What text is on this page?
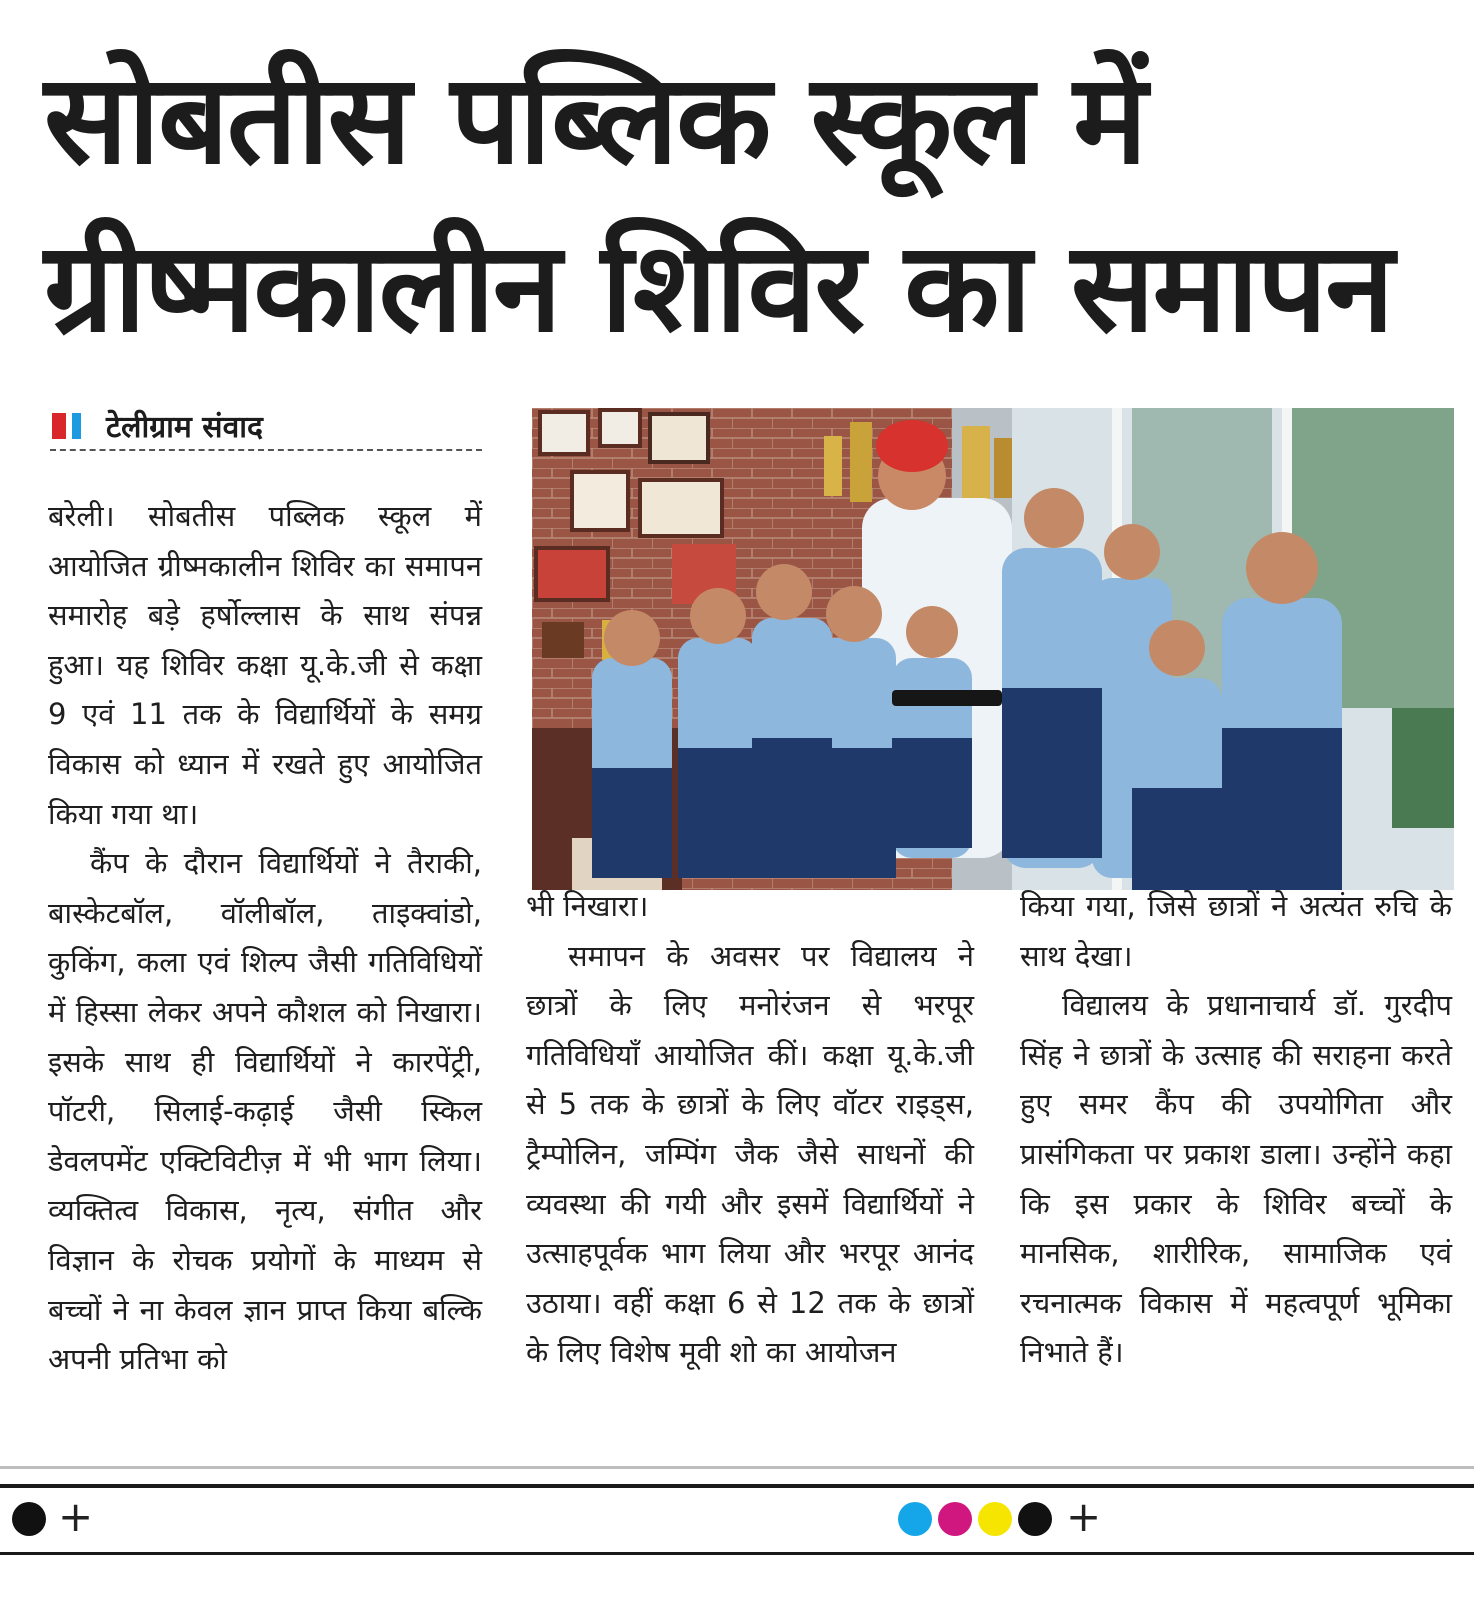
सोबतीस पब्लिक स्कूल में
ग्रीष्मकालीन शिविर का समापन
टेलीग्राम संवाद

बरेली। सोबतीस पब्लिक स्कूल में आयोजित ग्रीष्मकालीन शिविर का समापन समारोह बड़े हर्षोल्लास के साथ संपन्न हुआ। यह शिविर कक्षा यू.के.जी से कक्षा 9 एवं 11 तक के विद्यार्थियों के समग्र विकास को ध्यान में रखते हुए आयोजित किया गया था।

कैंप के दौरान विद्यार्थियों ने तैराकी, बास्केटबॉल, वॉलीबॉल, ताइक्वांडो, कुकिंग, कला एवं शिल्प जैसी गतिविधियों में हिस्सा लेकर अपने कौशल को निखारा। इसके साथ ही विद्यार्थियों ने कारपेंट्री, पॉटरी, सिलाई-कढ़ाई जैसी स्किल डेवलपमेंट एक्टिविटीज़ में भी भाग लिया। व्यक्तित्व विकास, नृत्य, संगीत और विज्ञान के रोचक प्रयोगों के माध्यम से बच्चों ने ना केवल ज्ञान प्राप्त किया बल्कि अपनी प्रतिभा को

भी निखारा।

समापन के अवसर पर विद्यालय ने छात्रों के लिए मनोरंजन से भरपूर गतिविधियाँ आयोजित कीं। कक्षा यू.के.जी से 5 तक के छात्रों के लिए वॉटर राइड्स, ट्रैम्पोलिन, जम्पिंग जैक जैसे साधनों की व्यवस्था की गयी और इसमें विद्यार्थियों ने उत्साहपूर्वक भाग लिया और भरपूर आनंद उठाया। वहीं कक्षा 6 से 12 तक के छात्रों के लिए विशेष मूवी शो का आयोजन

किया गया, जिसे छात्रों ने अत्यंत रुचि के साथ देखा।

विद्यालय के प्रधानाचार्य डॉ. गुरदीप सिंह ने छात्रों के उत्साह की सराहना करते हुए समर कैंप की उपयोगिता और प्रासंगिकता पर प्रकाश डाला। उन्होंने कहा कि इस प्रकार के शिविर बच्चों के मानसिक, शारीरिक, सामाजिक एवं रचनात्मक विकास में महत्वपूर्ण भूमिका निभाते हैं।

+	+
